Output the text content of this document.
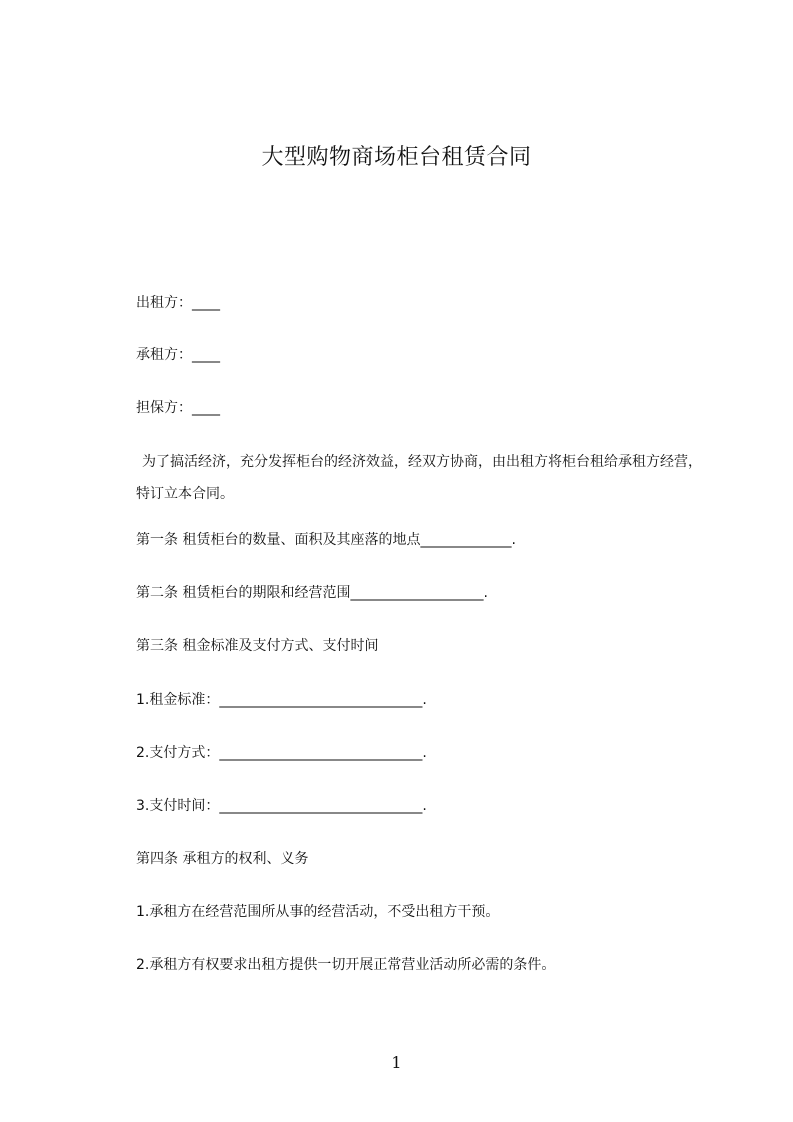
大型购物商场柜台租赁合同
出租方：____
承租方：____
担保方：____
为了搞活经济，充分发挥柜台的经济效益，经双方协商，由出租方将柜台租给承租方经营，特订立本合同。
第一条 租赁柜台的数量、面积及其座落的地点_____________.
第二条 租赁柜台的期限和经营范围___________________.
第三条 租金标准及支付方式、支付时间
1.租金标准：_____________________________.
2.支付方式：_____________________________.
3.支付时间：_____________________________.
第四条 承租方的权利、义务
1.承租方在经营范围所从事的经营活动，不受出租方干预。
2.承租方有权要求出租方提供一切开展正常营业活动所必需的条件。
1
